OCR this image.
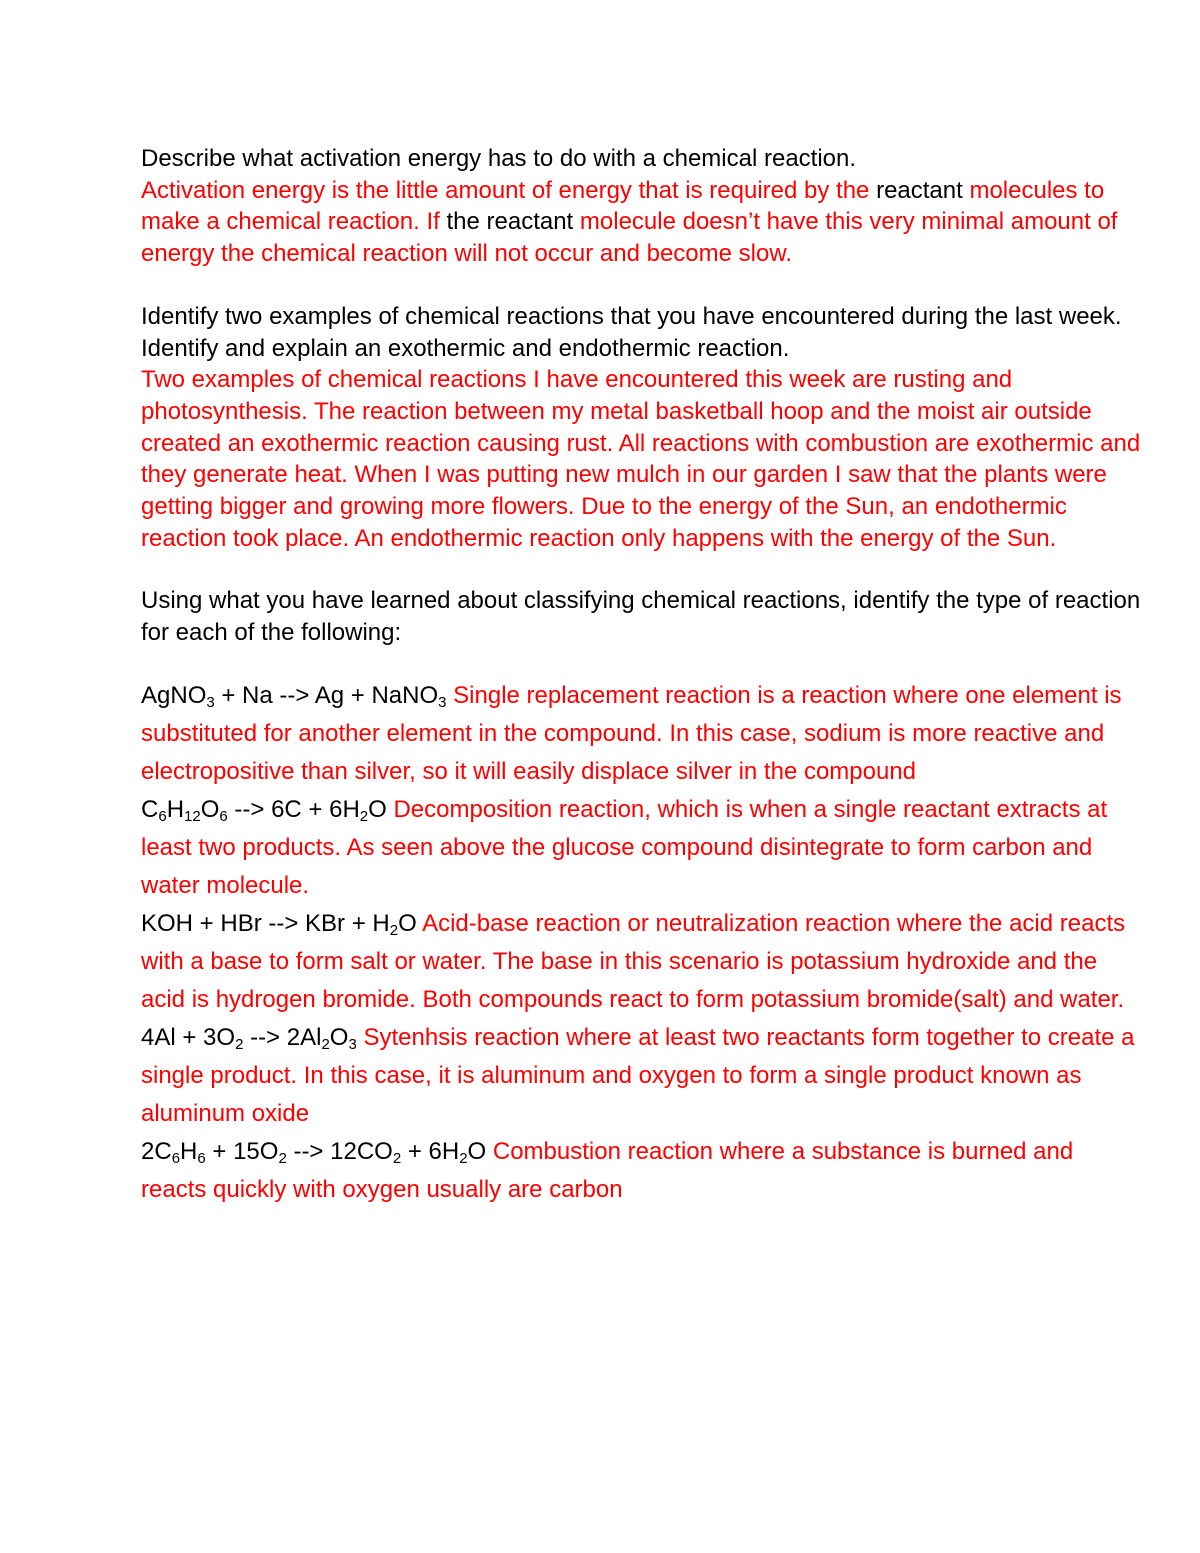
Describe what activation energy has to do with a chemical reaction.
Activation energy is the little amount of energy that is required by the reactant molecules to make a chemical reaction. If the reactant molecule doesn’t have this very minimal amount of energy the chemical reaction will not occur and become slow.

Identify two examples of chemical reactions that you have encountered during the last week. Identify and explain an exothermic and endothermic reaction.
Two examples of chemical reactions I have encountered this week are rusting and photosynthesis. The reaction between my metal basketball hoop and the moist air outside created an exothermic reaction causing rust. All reactions with combustion are exothermic and they generate heat. When I was putting new mulch in our garden I saw that the plants were getting bigger and growing more flowers. Due to the energy of the Sun, an endothermic reaction took place. An endothermic reaction only happens with the energy of the Sun.

Using what you have learned about classifying chemical reactions, identify the type of reaction for each of the following:

AgNO$_3$ + Na --> Ag + NaNO$_3$ Single replacement reaction is a reaction where one element is substituted for another element in the compound. In this case, sodium is more reactive and electropositive than silver, so it will easily displace silver in the compound

$C_6H_{12}O_6$ --> $6C + 6H_2O$ Decomposition reaction, which is when a single reactant extracts at least two products. As seen above the glucose compound disintegrate to form carbon and water molecule.

KOH + HBr --> KBr + $H_2O$ Acid-base reaction or neutralization reaction where the acid reacts with a base to form salt or water. The base in this scenario is potassium hydroxide and the acid is hydrogen bromide. Both compounds react to form potassium bromide(salt) and water.

$4Al + 3O_2$ --> $2Al_2O_3$ Sytenhsis reaction where at least two reactants form together to create a single product. In this case, it is aluminum and oxygen to form a single product known as aluminum oxide

$2C_6H_6 + 15O_2$ --> $12CO_2 + 6H_2O$ Combustion reaction where a substance is burned and reacts quickly with oxygen usually are carbon
